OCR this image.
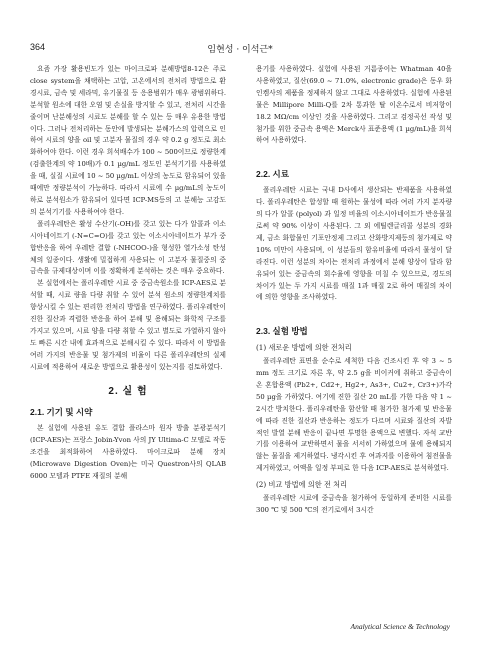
364	임현성 · 이석근*

요즘 가장 활용빈도가 있는 마이크로파 분해방법8-12은 주로 close system을 채택하는 고압, 고온에서의 전처리 방법으로 환경시료, 금속 및 세라믹, 유기물질 등 응용범위가 매우 광범위하다. 분석할 원소에 대한 오염 및 손실을 방지할 수 있고, 전처리 시간을 줄이며 난분해성의 시료도 분해를 할 수 있는 등 매우 유용한 방법이다. 그러나 전처리하는 동안에 발생되는 분해가스의 압력으로 인하여 시료의 양을 oil 및 고분자 물질의 경우 약 0.2 g 정도로 최소화하여야 한다. 이런 경우 희석배수가 100 ~ 500이므로 정량한계 (검출한계의 약 10배)가 0.1 µg/mL 정도인 분석기기를 사용하였을 때, 실질 시료에 10 ~ 50 µg/mL 이상의 농도로 함유되어 있을 때에만 정량분석이 가능하다. 따라서 시료에 수 µg/mL의 농도이하로 분석원소가 함유되어 있다면 ICP-MS등의 고 분해능 고감도의 분석기기를 사용하여야 한다.

폴리우레탄은 활성 수산기(-OH)를 갖고 있는 다가 알콜과 이소시아네이트기 (-N=C=O)를 갖고 있는 이소시아네이트가 부가 중합반응을 하여 우레탄 결합 (-NHCOO-)을 형성한 열가소성 탄성체의 일종이다. 생활에 밀접하게 사용되는 이 고분자 물질중의 중금속을 규제대상이며 이를 정확하게 분석하는 것은 매우 중요하다.

본 실험에서는 폴리우레탄 시료 중 중금속원소를 ICP-AES로 분석할 때, 시료 량을 다량 취할 수 있어 분석 원소의 정량한계치를 향상시킬 수 있는 편리한 전처리 방법을 연구하였다. 폴리우레탄이 진한 질산과 격렬한 반응을 하여 분해 및 용해되는 화학적 구조를 가지고 있으며, 시료 양을 다량 취할 수 있고 별도로 가열하지 않아도 빠른 시간 내에 효과적으로 분해시킬 수 있다. 따라서 이 방법을 여러 가지의 반응물 및 첨가제의 비율이 다른 폴리우레탄의 실제 시료에 적용하여 새로운 방법으로 활용성이 있는지를 검토하였다.

2. 실 험
2.1. 기기 및 시약

본 실험에 사용된 유도 결합 플라스마 원자 방출 분광분석기 (ICP-AES)는 프랑스 Jobin-Yvon 사의 JY Ultima-C 모델로 작동 조건을 최적화하여 사용하였다. 마이크로파 분해 장치 (Microwave Digestion Oven)는 미국 Questron사의 QLAB 6000 모델과 PTFE 재질의 분해

용기를 사용하였다. 실험에 사용된 거름종이는 Whatman 40을 사용하였고, 질산(69.0 ~ 71.0%, electronic grade)은 동우 화인켐사의 제품을 정제하지 않고 그대로 사용하였다. 실험에 사용된 물은 Millipore Milli-Q를 2차 통과한 탈 이온수로서 비저항이 18.2 MΩ/cm 이상인 것을 사용하였다. 그리고 검정곡선 작성 및 첨가를 위한 중금속 용액은 Merck사 표준용액 (1 µg/mL)을 희석하여 사용하였다.

2.2. 시료

폴리우레탄 시료는 국내 D사에서 생산되는 반제품을 사용하였다. 폴리우레탄은 합성할 때 원하는 물성에 따라 여러 가지 분자량의 다가 알콜 (polyol) 과 일정 비율의 이소시아네이트가 반응물질로써 약 90% 이상이 사용된다. 그 외 에틸렌글리콜 성분의 경화제, 금소 화합물인 기포안정제 그리고 산화방지제등의 첨가제로 약 10% 미만이 사용되며, 이 성분들의 함유비율에 따라서 물성이 달라진다. 이런 성분의 차이는 전처리 과정에서 분해 양상이 달라 함유되어 있는 중금속의 회수율에 영향을 미칠 수 있으므로, 경도의 차이가 있는 두 가지 시료를 매질 1과 매질 2로 하여 매질의 차이에 의한 영향을 조사하였다.

2.3. 실험 방법
(1) 새로운 방법에 의한 전처리

폴리우레탄 표면을 순수로 세척한 다음 건조시킨 후 약 3 ~ 5 mm 정도 크기로 자른 후, 약 2.5 g을 비이커에 취하고 중금속이온 혼합용액 (Pb2+, Cd2+, Hg2+, As3+, Cu2+, Cr3+)가각 50 µg을 가하였다. 여기에 진한 질산 20 mL를 가한 다음 약 1 ~ 2시간 방치한다. 폴리우레탄을 함산할 때 첨가한 첨가제 및 반응물에 따라 진한 질산과 반응하는 정도가 다르며 시료와 질산의 자발적인 발열 분해 반응이 끝나면 투명한 용액으로 변했다. 자석 교반기를 이용하여 교반하면서 물을 서서히 가하였으며 물에 용해되지 않는 물질을 제거하였다. 냉각시킨 후 여과지를 이용하여 침전물을 제거하였고, 여액을 일정 부피로 한 다음 ICP-AES로 분석하였다.

(2) 비교 방법에 의한 전 처리

폴리우레탄 시료에 중금속을 첨가하여 동일하게 준비한 시료를 300 ℃ 및 500 ℃의 전기로에서 3시간

Analytical Science & Technology
